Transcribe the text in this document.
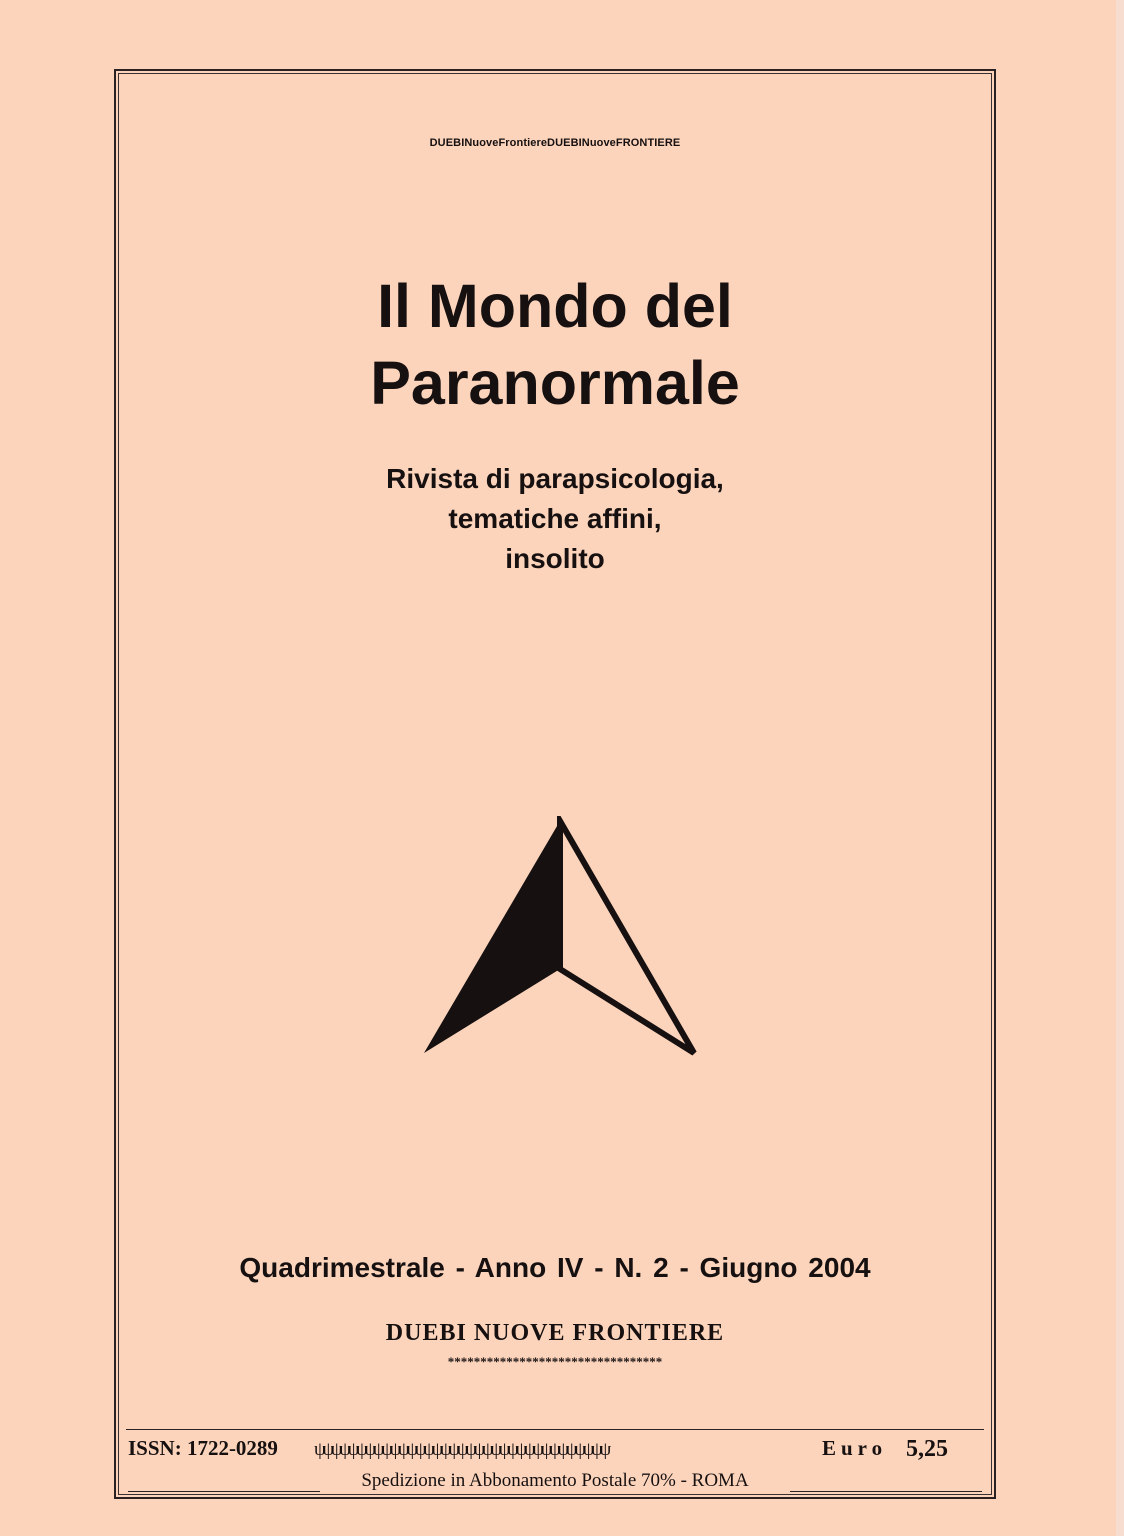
DUEBINuoveFrontiereDUEBINuoveFRONTIERE
Il Mondo del
Paranormale
Rivista di parapsicologia,
tematiche affini,
insolito
Quadrimestrale - Anno IV - N. 2 - Giugno 2004
DUEBI NUOVE FRONTIERE
*********************************
ISSN: 1722-0289 ψψψψψψψψψψψψψψψψψψψψψψψψψψψψψψψψψψψ	Euro 5,25
Spedizione in Abbonamento Postale 70% - ROMA
